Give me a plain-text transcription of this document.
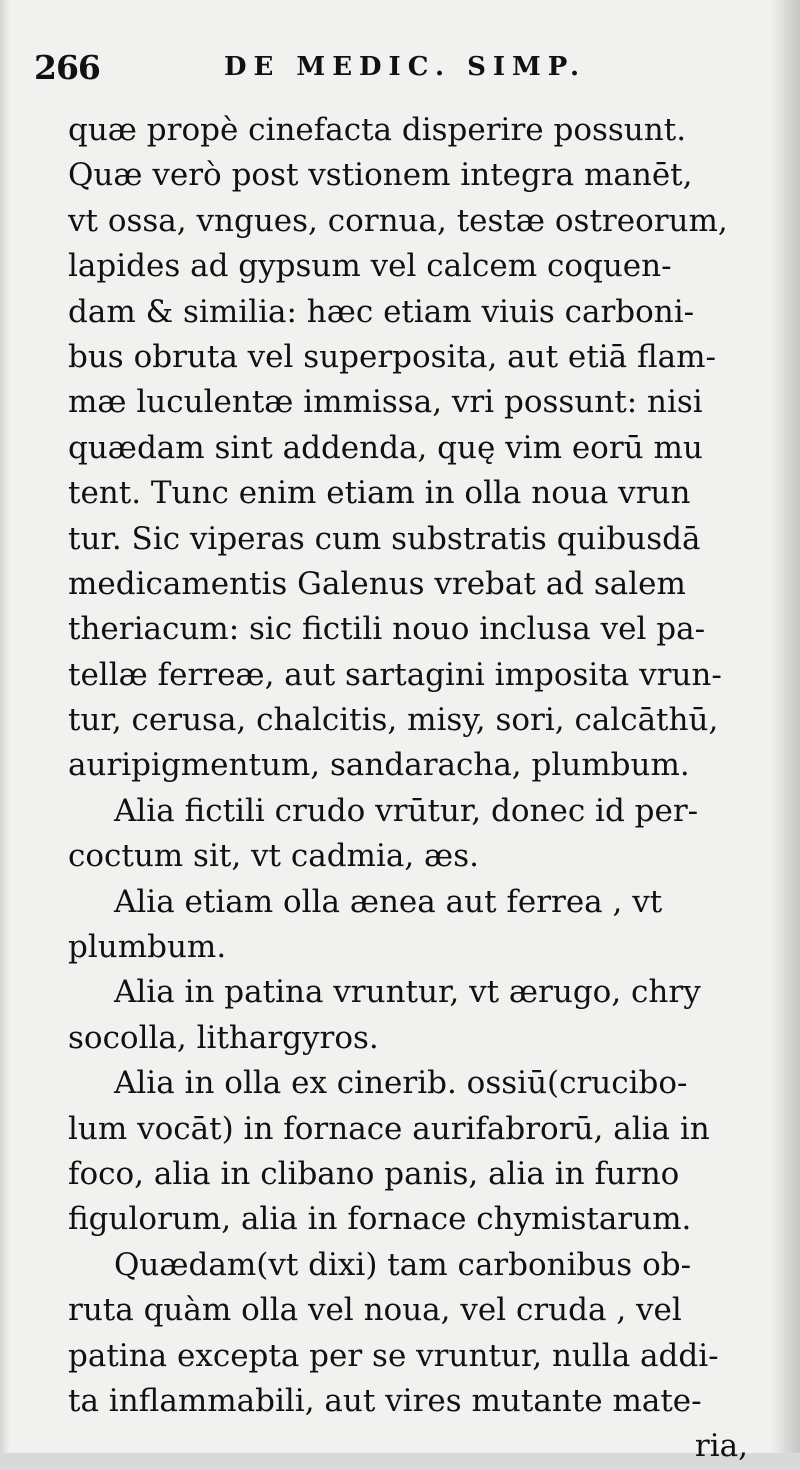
266	DE MEDIC. SIMP.
quæ propè cinefacta disperire possunt.
Quæ verò post vstionem integra manēt,
vt ossa, vngues, cornua, testæ ostreorum,
lapides ad gypsum vel calcem coquen-
dam & similia: hæc etiam viuis carboni-
bus obruta vel superposita, aut etiā flam-
mæ luculentæ immissa, vri possunt: nisi
quædam sint addenda, quę vim eorū mu
tent. Tunc enim etiam in olla noua vrun
tur. Sic viperas cum substratis quibusdā
medicamentis Galenus vrebat ad salem
theriacum: sic fictili nouo inclusa vel pa-
tellæ ferreæ, aut sartagini imposita vrun-
tur, cerusa, chalcitis, misy, sori, calcāthū,
auripigmentum, sandaracha, plumbum.
Alia fictili crudo vrūtur, donec id per-
coctum sit, vt cadmia, æs.
Alia etiam olla ænea aut ferrea , vt
plumbum.
Alia in patina vruntur, vt ærugo, chry
socolla, lithargyros.
Alia in olla ex cinerib. ossiū(crucibo-
lum vocāt) in fornace aurifabrorū, alia in
foco, alia in clibano panis, alia in furno
figulorum, alia in fornace chymistarum.
Quædam(vt dixi) tam carbonibus ob-
ruta quàm olla vel noua, vel cruda , vel
patina excepta per se vruntur, nulla addi-
ta inflammabili, aut vires mutante mate-
ria,
